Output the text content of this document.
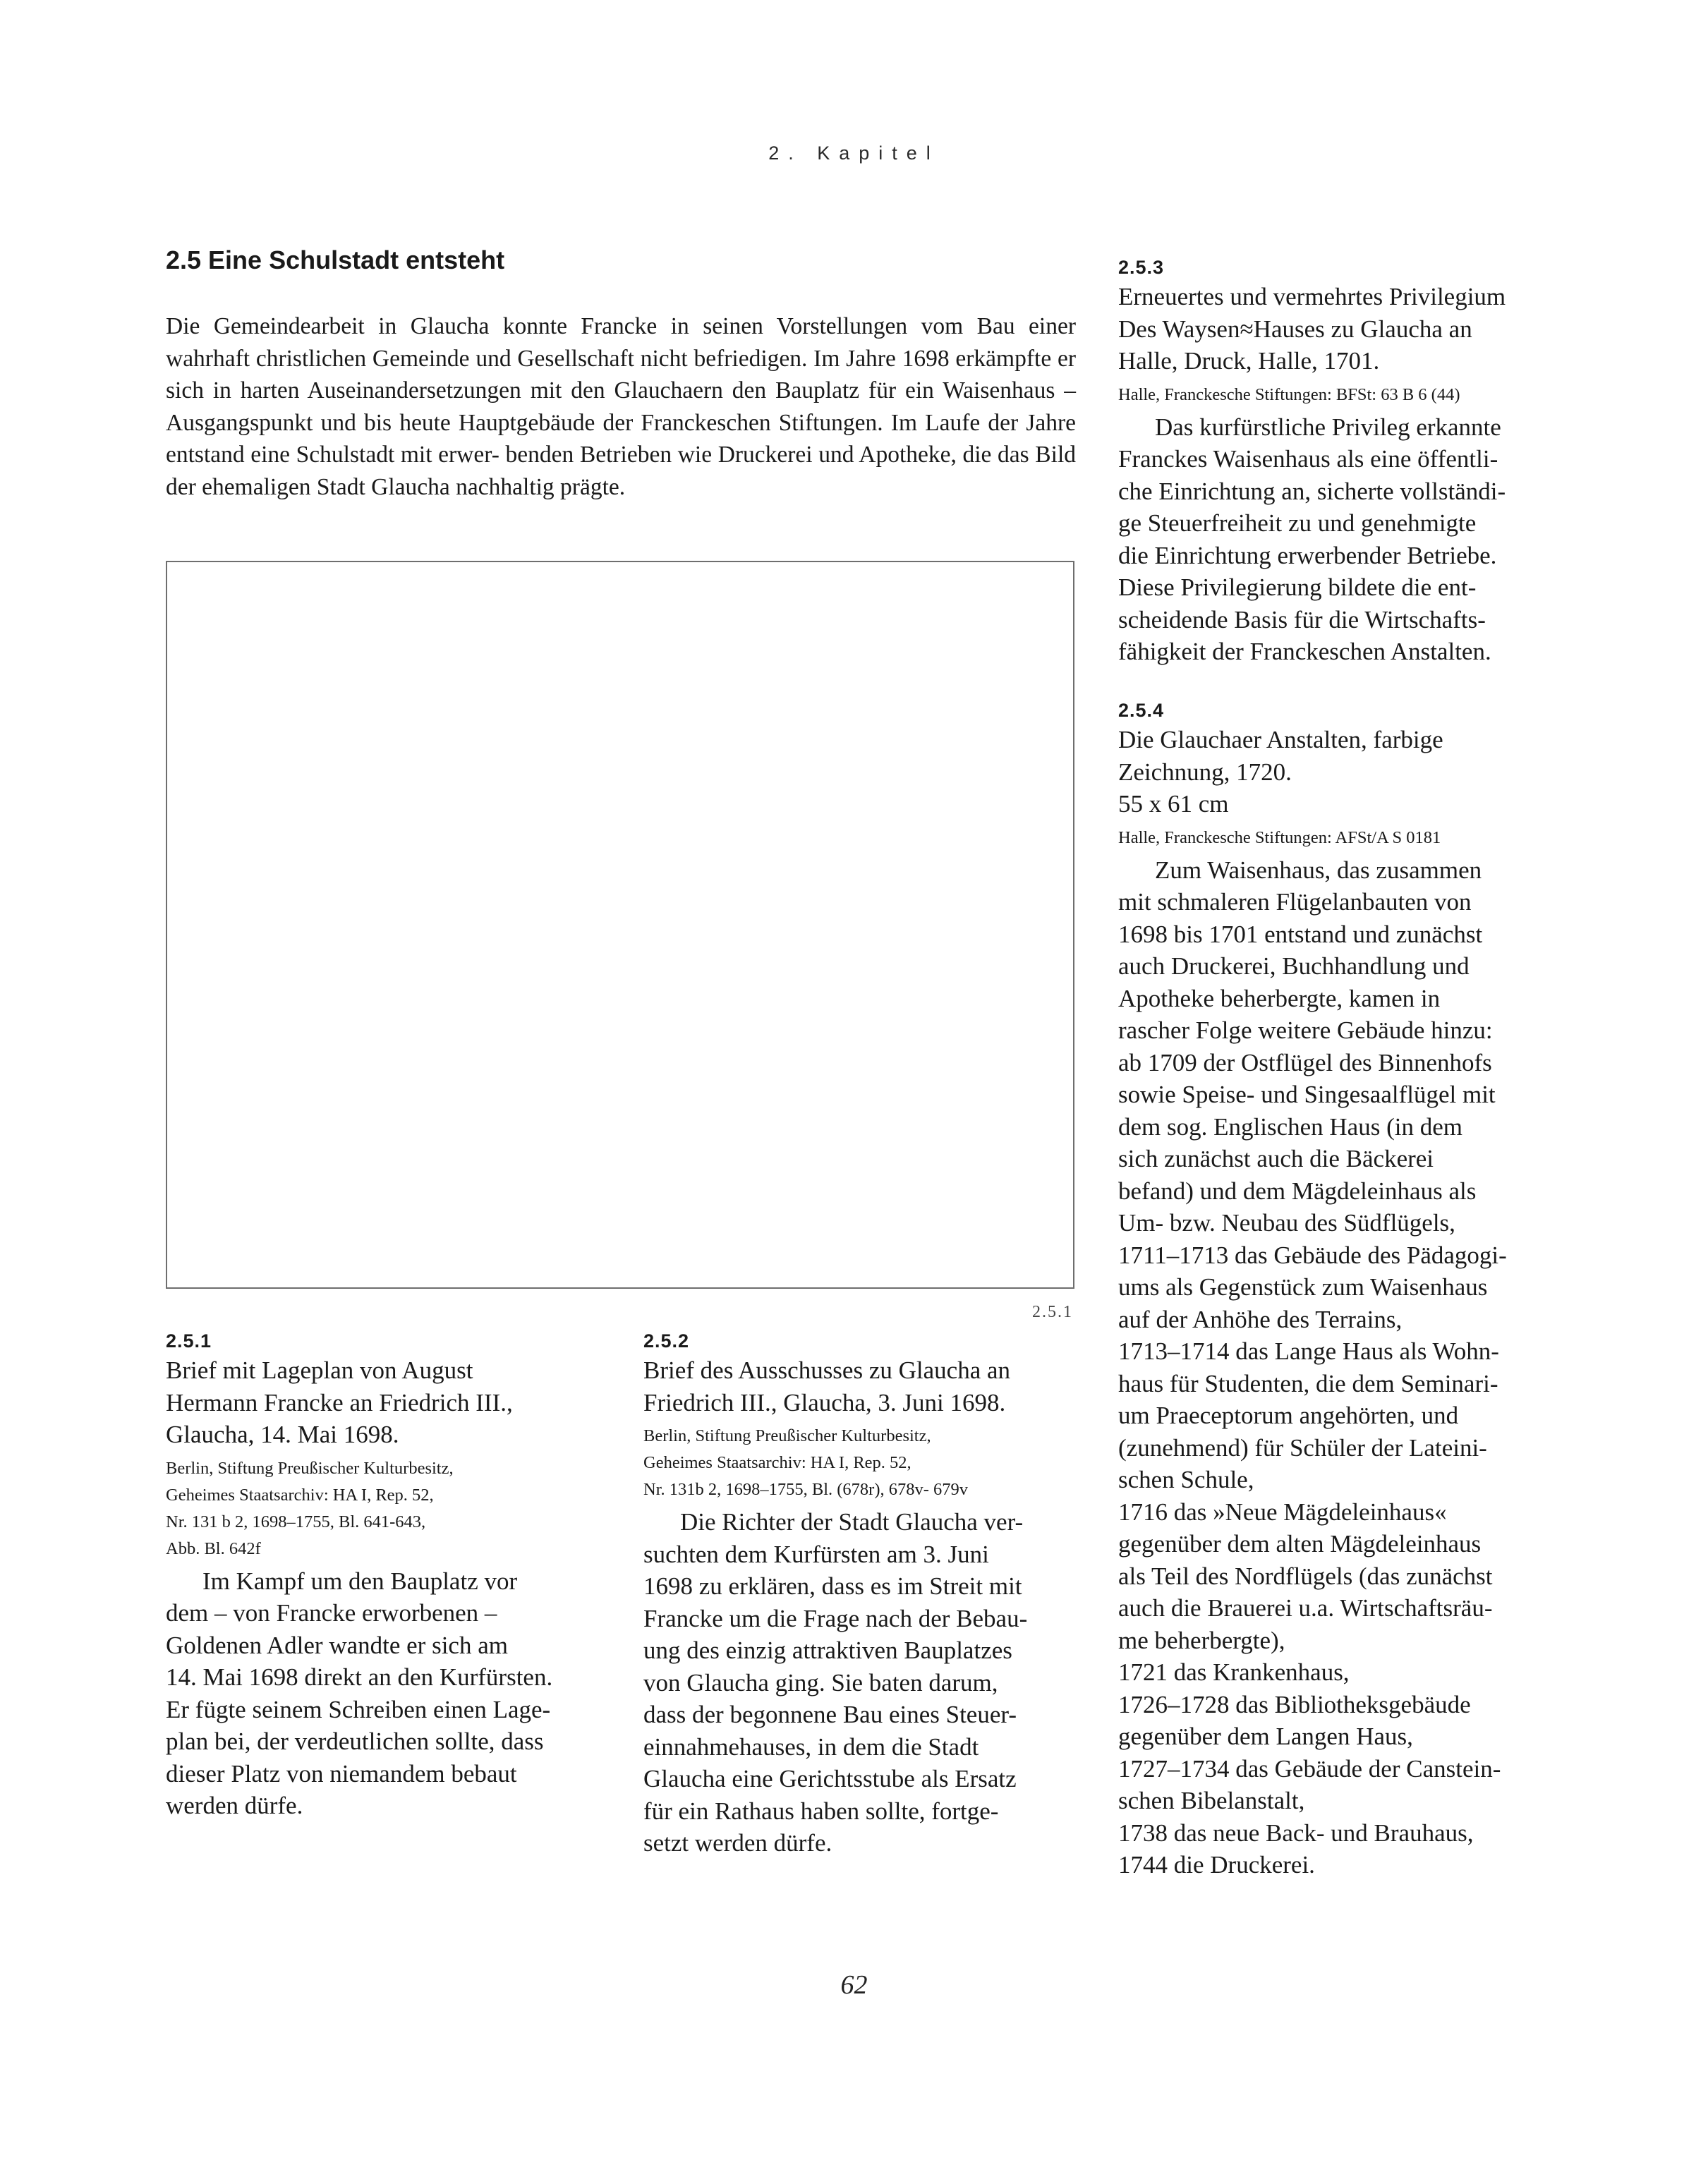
2. Kapitel
2.5 Eine Schulstadt entsteht

Die Gemeindearbeit in Glaucha konnte Francke in seinen Vorstellungen vom Bau einer wahrhaft christlichen Gemeinde und Gesellschaft nicht befriedigen. Im Jahre 1698 erkämpfte er sich in harten Auseinandersetzungen mit den Glauchaern den Bauplatz für ein Waisenhaus – Ausgangspunkt und bis heute Hauptgebäude der Franckeschen Stiftungen. Im Laufe der Jahre entstand eine Schulstadt mit erwer- benden Betrieben wie Druckerei und Apotheke, die das Bild der ehemaligen Stadt Glaucha nachhaltig prägte.

2.5.1

2.5.1

Brief mit Lageplan von August
Hermann Francke an Friedrich III.,
Glaucha, 14. Mai 1698.

Berlin, Stiftung Preußischer Kulturbesitz,
Geheimes Staatsarchiv: HA I, Rep. 52,
Nr. 131 b 2, 1698–1755, Bl. 641-643,
Abb. Bl. 642f

Im Kampf um den Bauplatz vor
dem – von Francke erworbenen –
Goldenen Adler wandte er sich am
14. Mai 1698 direkt an den Kurfürsten.
Er fügte seinem Schreiben einen Lage-
plan bei, der verdeutlichen sollte, dass
dieser Platz von niemandem bebaut
werden dürfe.

2.5.2

Brief des Ausschusses zu Glaucha an
Friedrich III., Glaucha, 3. Juni 1698.

Berlin, Stiftung Preußischer Kulturbesitz,
Geheimes Staatsarchiv: HA I, Rep. 52,
Nr. 131b 2, 1698–1755, Bl. (678r), 678v- 679v

Die Richter der Stadt Glaucha ver-
suchten dem Kurfürsten am 3. Juni
1698 zu erklären, dass es im Streit mit
Francke um die Frage nach der Bebau-
ung des einzig attraktiven Bauplatzes
von Glaucha ging. Sie baten darum,
dass der begonnene Bau eines Steuer-
einnahmehauses, in dem die Stadt
Glaucha eine Gerichtsstube als Ersatz
für ein Rathaus haben sollte, fortge-
setzt werden dürfe.

2.5.3

Erneuertes und vermehrtes Privilegium
Des Waysen≈Hauses zu Glaucha an
Halle, Druck, Halle, 1701.

Halle, Franckesche Stiftungen: BFSt: 63 B 6 (44)

Das kurfürstliche Privileg erkannte
Franckes Waisenhaus als eine öffentli-
che Einrichtung an, sicherte vollständi-
ge Steuerfreiheit zu und genehmigte
die Einrichtung erwerbender Betriebe.
Diese Privilegierung bildete die ent-
scheidende Basis für die Wirtschafts-
fähigkeit der Franckeschen Anstalten.

2.5.4

Die Glauchaer Anstalten, farbige
Zeichnung, 1720.
55 x 61 cm

Halle, Franckesche Stiftungen: AFSt/A S 0181

Zum Waisenhaus, das zusammen
mit schmaleren Flügelanbauten von
1698 bis 1701 entstand und zunächst
auch Druckerei, Buchhandlung und
Apotheke beherbergte, kamen in
rascher Folge weitere Gebäude hinzu:
ab 1709 der Ostflügel des Binnenhofs
sowie Speise- und Singesaalflügel mit
dem sog. Englischen Haus (in dem
sich zunächst auch die Bäckerei
befand) und dem Mägdeleinhaus als
Um- bzw. Neubau des Südflügels,
1711–1713 das Gebäude des Pädagogi-
ums als Gegenstück zum Waisenhaus
auf der Anhöhe des Terrains,
1713–1714 das Lange Haus als Wohn-
haus für Studenten, die dem Seminari-
um Praeceptorum angehörten, und
(zunehmend) für Schüler der Lateini-
schen Schule,
1716 das »Neue Mägdeleinhaus«
gegenüber dem alten Mägdeleinhaus
als Teil des Nordflügels (das zunächst
auch die Brauerei u.a. Wirtschaftsräu-
me beherbergte),
1721 das Krankenhaus,
1726–1728 das Bibliotheksgebäude
gegenüber dem Langen Haus,
1727–1734 das Gebäude der Canstein-
schen Bibelanstalt,
1738 das neue Back- und Brauhaus,
1744 die Druckerei.

62
